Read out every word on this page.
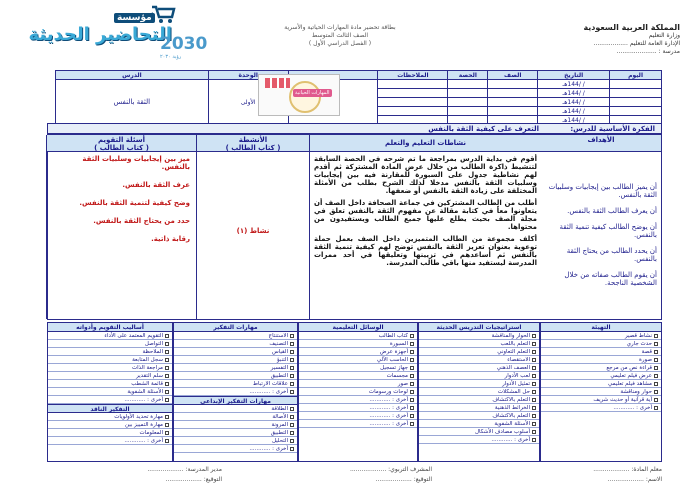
مؤسسة
التحاضير الحديثة
2030
رؤية ٢٠٣٠
المملكة العربية السعودية
وزارة التعليم
الإدارة العامة للتعليم ..................
مدرسة : .....................
بطاقة تحضير مادة المهارات الحياتية والأسرية
الصف الثالث المتوسط
( الفصل الدراسي الأول )
اليوم	التاريخ	الصف	الحصة	الملاحظات		الوحدة	الدرس
	/ /144هـ					الأولى	الثقة بالنفس
	/ /144هـ						
	/ /144هـ						
	/ /144هـ						
	/ /144هـ						
المهارات الحياتية
الفكرة الأساسية للدرس:
التعرف على كيفية الثقة بالنفس
الأهداف

أن يميز الطالب بين إيجابيات وسلبيات الثقة بالنفس.

أن يعرف الطالب الثقة بالنفس.

أن يوضح الطالب كيفية تنمية الثقة بالنفس.

أن يحدد الطالب من يحتاج الثقة بالنفس.

أن يقوم الطالب صفاته من خلال الشخصية الناجحة.

نشاطات التعليم والتعلم

أقوم في بداية الدرس بمراجعة ما تم شرحه في الحصة السابقة لتنشيط ذاكرة الطالب من خلال عرض المادة المشتركة ثم أقدم لهم نشاطية جدول على السبورة للمقارنة فيه بين إيجابيات وسلبيات الثقة بالنفس مدخلا لذلك الشرح بطلب من الأمثلة المختلفة على زيادة الثقة بالنفس أو ضعفها.

أطلب من الطالب المشتركين في جماعة الصحافة داخل الصف أن يتعاونوا معاً في كتابة مقالة عن مفهوم الثقة بالنفس تعلق في مجلة الصف بحيث يطلع عليها جميع الطالب ويستفيدون من محتواها.

أكلف مجموعة من الطالب المتميزين داخل الصف بعمل حملة توعوية بعنوان تعزيز الثقة بالنفس توضح لهم كيفية تنمية الثقة بالنفس ثم أساعدهم في تزيينها وتعليقها في أحد ممرات المدرسة ليستفيد منها باقي طالب المدرسة.

الأنشطة
( كتاب الطالب )
نشاط (١)
أسئلة التقويم
( كتاب الطالب )

ميز بين إيجابيات وسلبيات الثقة بالنفس.

عرف الثقة بالنفس.

وضح كيفية لتنمية الثقة بالنفس.

حدد من يحتاج الثقة بالنفس.

رقابة ذاتية.

التهيئة
نشاط قصير
حدث جاري
قصة
صورة
قراءة نص من مرجع
عرض فيلم تعليمي
مشاهد فيلم تعليمي
حوار ومناقشة
آية قرآنية أو حديث شريف
أخرى : ............
استراتيجيات التدريس الحديثة
الحوار والمناقشة
التعلم باللعب
التعلم التعاوني
الاستقصاء
العصف الذهني
لعب الأدوار
تمثيل الأدوار
حل المشكلات
التعلم بالاكتشاف
الخرائط الذهنية
التعلم بالاكتشاف
الأسئلة الشفوية
أسلوب مصادف الأشكال
أخرى : ............
الوسائل التعليمية
كتاب الطالب
السبورة
أجهزة عرض
الحاسب الآلي
جهاز تسجيل
مجسمات
صور
لوحات ورسومات
أخرى : ............
أخرى : ............
أخرى : ............
أخرى : ............
مهارات التفكير
الاستنتاج
التصنيف
القياس
التنبؤ
التفسير
التطبيق
علاقات الارتباط
أخرى : ............
مهارات التفكير الإبداعي
الطلاقة
الأصالة
المرونة
التطبيق
التحليل
أخرى : ............
أساليب التقويم وأدواته
التقويم المعتمد على الأداء
التواصل
الملاحظة
سجل المتابعة
مراجعة الذات
سلم التقدير
قائمة الشطب
الأسئلة الشفوية
أخرى : ............
التفكير الناقد
مهارة تحديد الأولويات
مهارة التمييز بين
المعلومات
أخرى : ............
معلم المادة: ...................
الاسم: ...................
المشرف التربوي: ...................
التوقيع: ...................
مدير المدرسة: ...................
التوقيع: ...................
